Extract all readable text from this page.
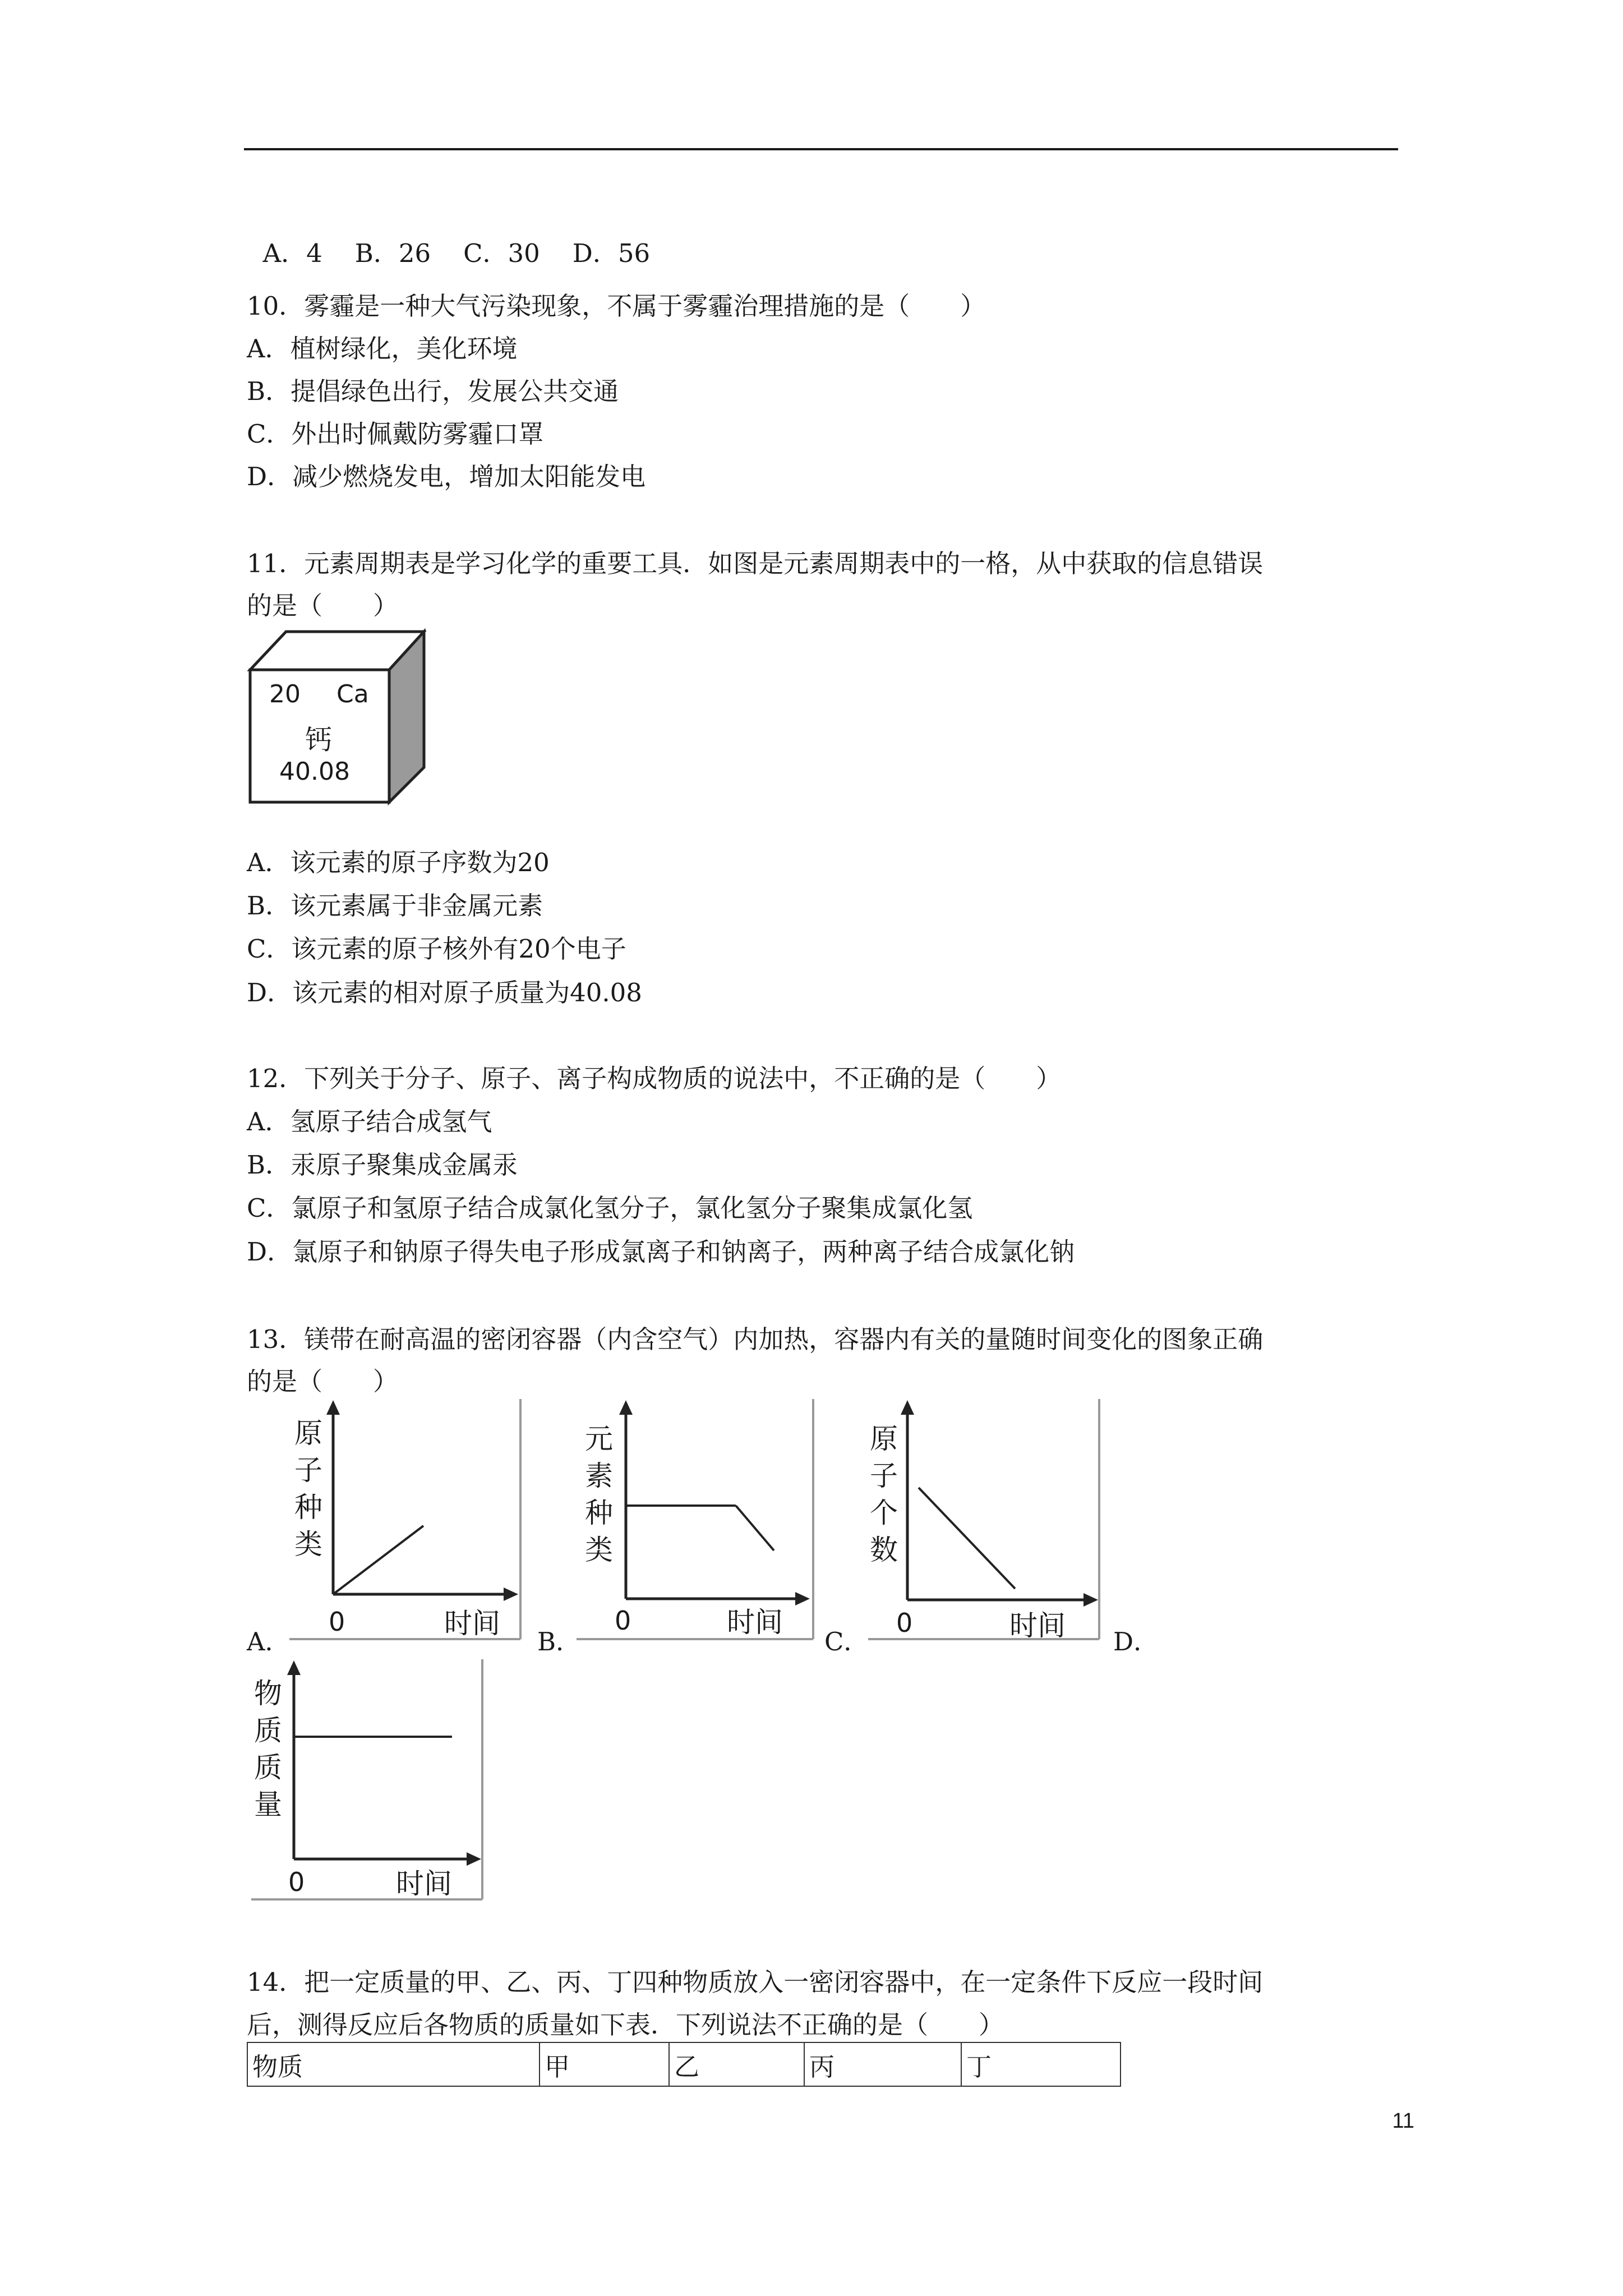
A．4 B．26 C．30 D．56

10．雾霾是一种大气污染现象，不属于雾霾治理措施的是（　　）
A．植树绿化，美化环境
B．提倡绿色出行，发展公共交通
C．外出时佩戴防雾霾口罩
D．减少燃烧发电，增加太阳能发电
11．元素周期表是学习化学的重要工具．如图是元素周期表中的一格，从中获取的信息错误
的是（　　）
20 Ca
钙
40.08
A．该元素的原子序数为20
B．该元素属于非金属元素
C．该元素的原子核外有20个电子
D．该元素的相对原子质量为40.08
12．下列关于分子、原子、离子构成物质的说法中，不正确的是（　　）
A．氢原子结合成氢气
B．汞原子聚集成金属汞
C．氯原子和氢原子结合成氯化氢分子，氯化氢分子聚集成氯化氢
D．氯原子和钠原子得失电子形成氯离子和钠离子，两种离子结合成氯化钠
13．镁带在耐高温的密闭容器（内含空气）内加热，容器内有关的量随时间变化的图象正确
的是（　　）
A．
原
子
种
类
0	时间
B．
元
素
种
类
0	时间
C．
原
子
个
数
0	时间 D．
物
质
质
量
0	时间
14．把一定质量的甲、乙、丙、丁四种物质放入一密闭容器中，在一定条件下反应一段时间
后，测得反应后各物质的质量如下表．下列说法不正确的是（　　）
物质	甲	乙	丙	丁
11
